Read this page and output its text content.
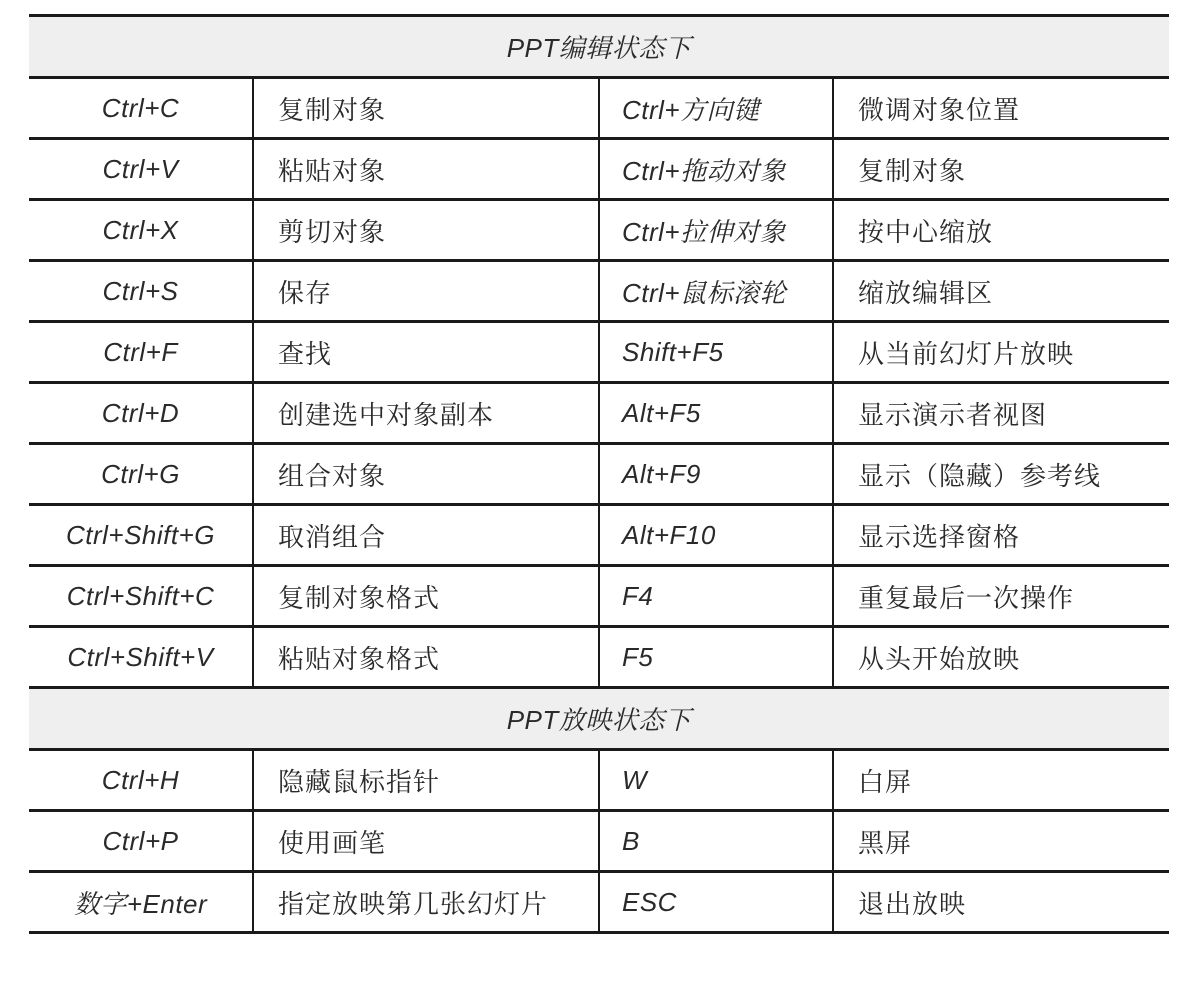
PPT编辑状态下			
Ctrl+C	复制对象	Ctrl+方向键	微调对象位置
Ctrl+V	粘贴对象	Ctrl+拖动对象	复制对象
Ctrl+X	剪切对象	Ctrl+拉伸对象	按中心缩放
Ctrl+S	保存	Ctrl+鼠标滚轮	缩放编辑区
Ctrl+F	查找	Shift+F5	从当前幻灯片放映
Ctrl+D	创建选中对象副本	Alt+F5	显示演示者视图
Ctrl+G	组合对象	Alt+F9	显示（隐藏）参考线
Ctrl+Shift+G	取消组合	Alt+F10	显示选择窗格
Ctrl+Shift+C	复制对象格式	F4	重复最后一次操作
Ctrl+Shift+V	粘贴对象格式	F5	从头开始放映
PPT放映状态下			
Ctrl+H	隐藏鼠标指针	W	白屏
Ctrl+P	使用画笔	B	黑屏
数字+Enter	指定放映第几张幻灯片	ESC	退出放映
